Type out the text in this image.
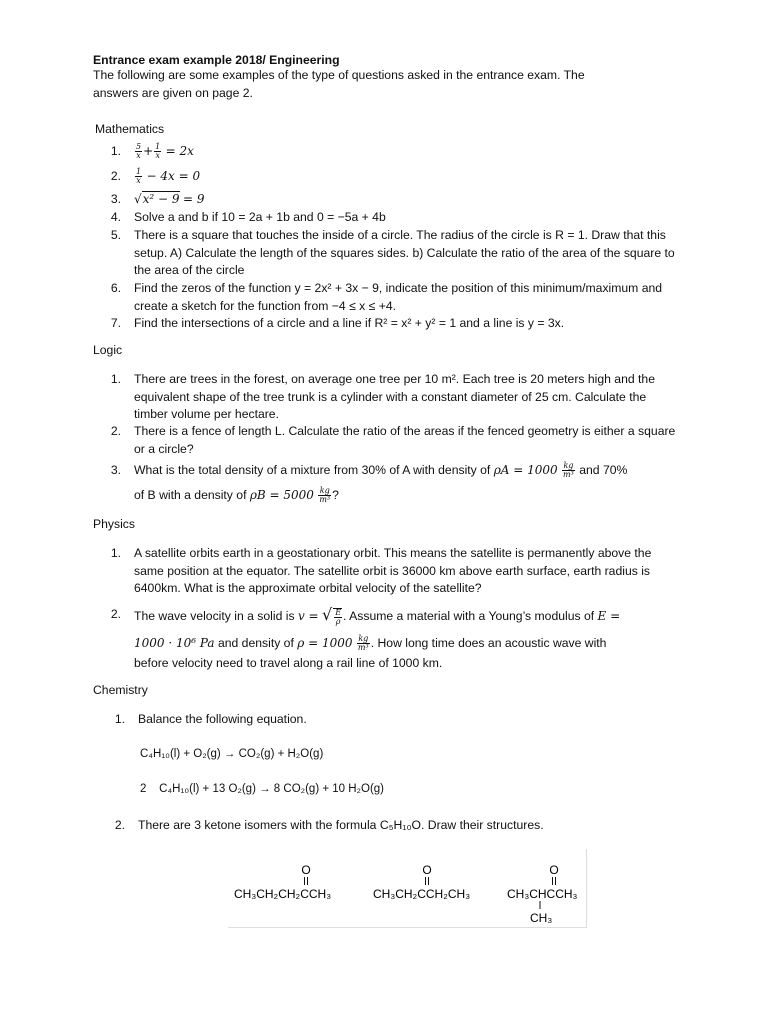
Entrance exam example 2018/ Engineering
The following are some examples of the type of questions asked in the entrance exam. The answers are given on page 2.
Mathematics
1. $\frac{5}{x} + \frac{1}{x} = 2x$
2. $\frac{1}{x} - 4x = 0$
3. √x² − 9 = 9
4. Solve a and b if 10 = 2a + 1b and 0 = −5a + 4b
5. There is a square that touches the inside of a circle. The radius of the circle is R = 1. Draw that this setup. A) Calculate the length of the squares sides. b) Calculate the ratio of the area of the square to the area of the circle
6. Find the zeros of the function y = 2x² + 3x − 9, indicate the position of this minimum/maximum and create a sketch for the function from −4 ≤ x ≤ +4.
7. Find the intersections of a circle and a line if R² = x² + y² = 1 and a line is y = 3x.
Logic
1. There are trees in the forest, on average one tree per 10 m². Each tree is 20 meters high and the equivalent shape of the tree trunk is a cylinder with a constant diameter of 25 cm. Calculate the timber volume per hectare.
2. There is a fence of length L. Calculate the ratio of the areas if the fenced geometry is either a square or a circle?
3. What is the total density of a mixture from 30% of A with density of $\rho A = 1000 \frac{kg}{\text{m³}}$ and 70%
of B with a density of $\rho B = 5000 \frac{kg}{\text{m³}}$ ?
Physics
1. A satellite orbits earth in a geostationary orbit. This means the satellite is permanently above the same position at the equator. The satellite orbit is 36000 km above earth surface, earth radius is 6400km. What is the approximate orbital velocity of the satellite?
2. The wave velocity in a solid is v = √ $\frac{E}{\rho}$ . Assume a material with a Young’s modulus of E =
1000 · 10⁶ Pa and density of $\rho = 1000 \frac{kg}{\text{m³}}$ . How long time does an acoustic wave with
before velocity need to travel along a rail line of 1000 km.
Chemistry
1. Balance the following equation.
C₄H₁₀(l) + O₂(g) → CO₂(g) + H₂O(g)
2    C₄H₁₀(l) + 13 O₂(g) → 8 CO₂(g) + 10 H₂O(g)
2. There are 3 ketone isomers with the formula C₅H₁₀O. Draw their structures.
O
CH₃CH₂CH₂CCH₃
O
CH₃CH₂CCH₂CH₃
O
CH₃CHCCH₃
CH₃
